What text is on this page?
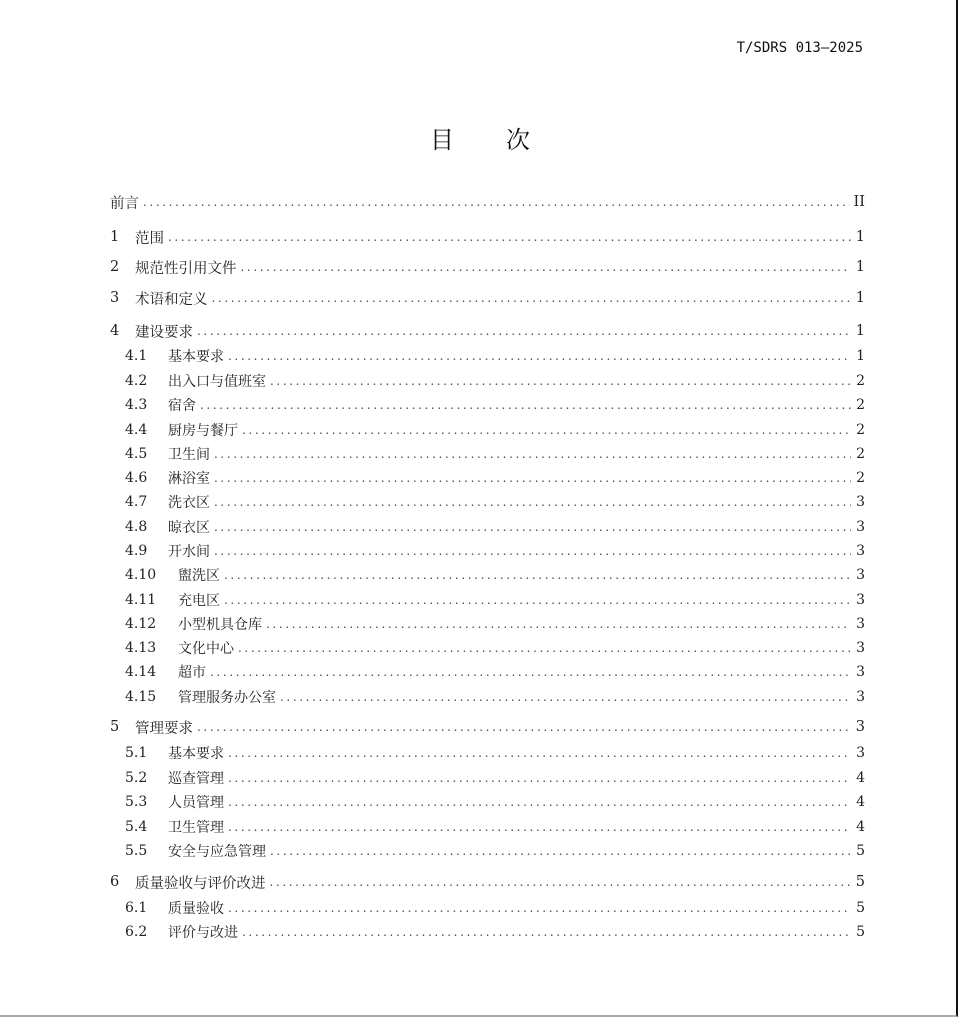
T/SDRS 013—2025
目次
前言 .....	II
1	范围 .....	1
2	规范性引用文件 .....	1
3	术语和定义 .....	1
4	建设要求 .....	1
4.1	基本要求 .....	1
4.2	出入口与值班室 .....	2
4.3	宿舍 .....	2
4.4	厨房与餐厅 .....	2
4.5	卫生间 .....	2
4.6	淋浴室 .....	2
4.7	洗衣区 .....	3
4.8	晾衣区 .....	3
4.9	开水间 .....	3
4.10	盥洗区 .....	3
4.11	充电区 .....	3
4.12	小型机具仓库 .....	3
4.13	文化中心 .....	3
4.14	超市 .....	3
4.15	管理服务办公室 .....	3
5	管理要求 .....	3
5.1	基本要求 .....	3
5.2	巡查管理 .....	4
5.3	人员管理 .....	4
5.4	卫生管理 .....	4
5.5	安全与应急管理 .....	5
6	质量验收与评价改进 .....	5
6.1	质量验收 .....	5
6.2	评价与改进 .....	5
